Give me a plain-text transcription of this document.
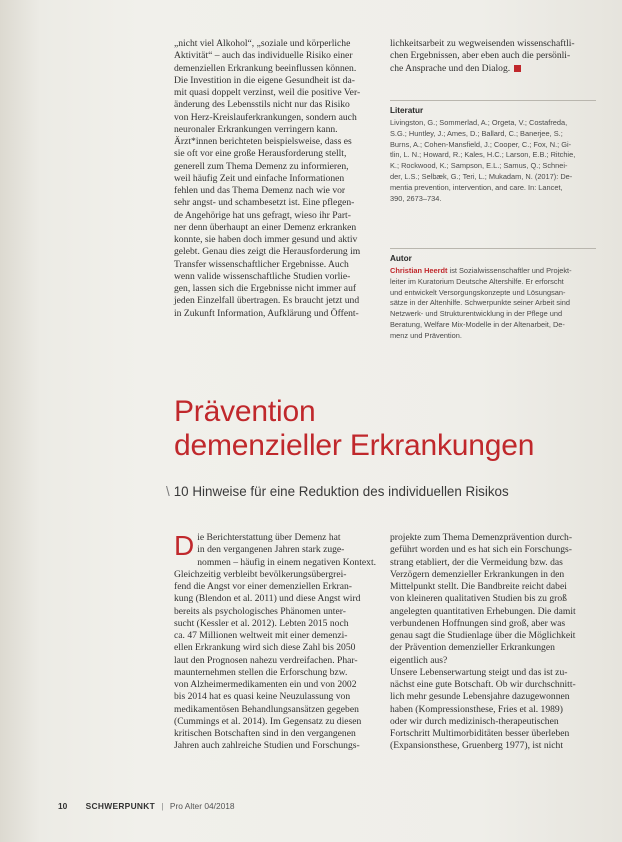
„nicht viel Alkohol“, „soziale und körperliche

Aktivität“ – auch das individuelle Risiko einer

demenziellen Erkrankung beeinflussen können.

Die Investition in die eigene Gesundheit ist da-

mit quasi doppelt verzinst, weil die positive Ver-

änderung des Lebensstils nicht nur das Risiko

von Herz-Kreislauferkrankungen, sondern auch

neuronaler Erkrankungen verringern kann.

Ärzt*innen berichteten beispielsweise, dass es

sie oft vor eine große Herausforderung stellt,

generell zum Thema Demenz zu informieren,

weil häufig Zeit und einfache Informationen

fehlen und das Thema Demenz nach wie vor

sehr angst- und schambesetzt ist. Eine pflegen-

de Angehörige hat uns gefragt, wieso ihr Part-

ner denn überhaupt an einer Demenz erkranken

konnte, sie haben doch immer gesund und aktiv

gelebt. Genau dies zeigt die Herausforderung im

Transfer wissenschaftlicher Ergebnisse. Auch

wenn valide wissenschaftliche Studien vorlie-

gen, lassen sich die Ergebnisse nicht immer auf

jeden Einzelfall übertragen. Es braucht jetzt und

in Zukunft Information, Aufklärung und Öffent-

lichkeitsarbeit zu wegweisenden wissenschaftli-

chen Ergebnissen, aber eben auch die persönli-

che Ansprache und den Dialog.

Literatur

Livingston, G.; Sommerlad, A.; Orgeta, V.; Costafreda,

S.G.; Huntley, J.; Ames, D.; Ballard, C.; Banerjee, S.;

Burns, A.; Cohen-Mansfield, J.; Cooper, C.; Fox, N.; Gi-

tlin, L. N.; Howard, R.; Kales, H.C.; Larson, E.B.; Ritchie,

K.; Rockwood, K.; Sampson, E.L.; Samus, Q.; Schnei-

der, L.S.; Selbæk, G.; Teri, L.; Mukadam, N. (2017): De-

mentia prevention, intervention, and care. In: Lancet,

390, 2673–734.

Autor

Christian Heerdt ist Sozialwissenschaftler und Projekt-

leiter im Kuratorium Deutsche Altershilfe. Er erforscht

und entwickelt Versorgungskonzepte und Lösungsan-

sätze in der Altenhilfe. Schwerpunkte seiner Arbeit sind

Netzwerk- und Strukturentwicklung in der Pflege und

Beratung, Welfare Mix-Modelle in der Altenarbeit, De-

menz und Prävention.

Prävention
demenzieller Erkrankungen

\ 10 Hinweise für eine Reduktion des individuellen Risikos

D ie Berichterstattung über Demenz hat

in den vergangenen Jahren stark zuge-

nommen – häufig in einem negativen Kontext.

Gleichzeitig verbleibt bevölkerungsübergrei-

fend die Angst vor einer demenziellen Erkran-

kung (Blendon et al. 2011) und diese Angst wird

bereits als psychologisches Phänomen unter-

sucht (Kessler et al. 2012). Lebten 2015 noch

ca. 47 Millionen weltweit mit einer demenzi-

ellen Erkrankung wird sich diese Zahl bis 2050

laut den Prognosen nahezu verdreifachen. Phar-

maunternehmen stellen die Erforschung bzw.

von Alzheimermedikamenten ein und von 2002

bis 2014 hat es quasi keine Neuzulassung von

medikamentösen Behandlungsansätzen gegeben

(Cummings et al. 2014). Im Gegensatz zu diesen

kritischen Botschaften sind in den vergangenen

Jahren auch zahlreiche Studien und Forschungs-

projekte zum Thema Demenzprävention durch-

geführt worden und es hat sich ein Forschungs-

strang etabliert, der die Vermeidung bzw. das

Verzögern demenzieller Erkrankungen in den

Mittelpunkt stellt. Die Bandbreite reicht dabei

von kleineren qualitativen Studien bis zu groß

angelegten quantitativen Erhebungen. Die damit

verbundenen Hoffnungen sind groß, aber was

genau sagt die Studienlage über die Möglichkeit

der Prävention demenzieller Erkrankungen

eigentlich aus?

Unsere Lebenserwartung steigt und das ist zu-

nächst eine gute Botschaft. Ob wir durchschnitt-

lich mehr gesunde Lebensjahre dazugewonnen

haben (Kompressionsthese, Fries et al. 1989)

oder wir durch medizinisch-therapeutischen

Fortschritt Multimorbiditäten besser überleben

(Expansionsthese, Gruenberg 1977), ist nicht

10 SCHWERPUNKT | Pro Alter 04/2018
